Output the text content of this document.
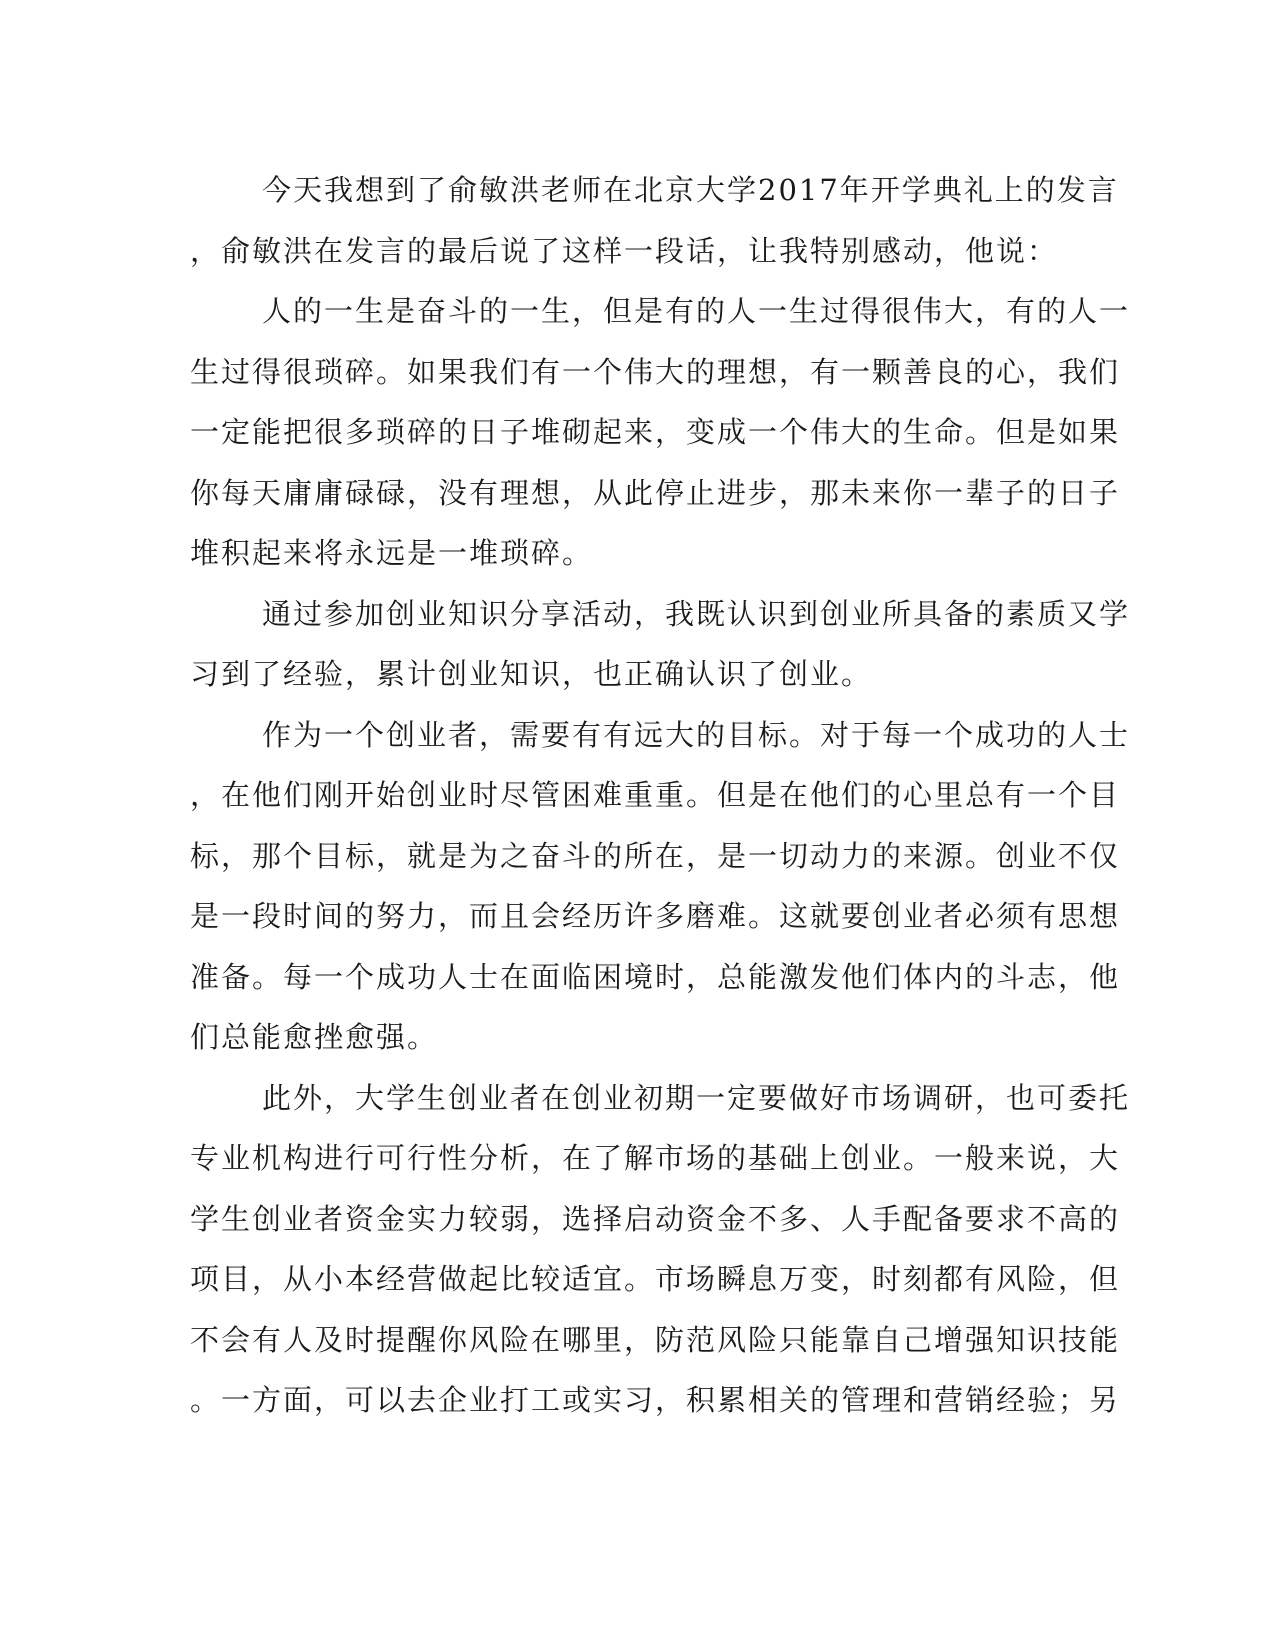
今天我想到了俞敏洪老师在北京大学2017年开学典礼上的发言
，俞敏洪在发言的最后说了这样一段话，让我特别感动，他说：
人的一生是奋斗的一生，但是有的人一生过得很伟大，有的人一
生过得很琐碎。如果我们有一个伟大的理想，有一颗善良的心，我们
一定能把很多琐碎的日子堆砌起来，变成一个伟大的生命。但是如果
你每天庸庸碌碌，没有理想，从此停止进步，那未来你一辈子的日子
堆积起来将永远是一堆琐碎。
通过参加创业知识分享活动，我既认识到创业所具备的素质又学
习到了经验，累计创业知识，也正确认识了创业。
作为一个创业者，需要有有远大的目标。对于每一个成功的人士
，在他们刚开始创业时尽管困难重重。但是在他们的心里总有一个目
标，那个目标，就是为之奋斗的所在，是一切动力的来源。创业不仅
是一段时间的努力，而且会经历许多磨难。这就要创业者必须有思想
准备。每一个成功人士在面临困境时，总能激发他们体内的斗志，他
们总能愈挫愈强。
此外，大学生创业者在创业初期一定要做好市场调研，也可委托
专业机构进行可行性分析，在了解市场的基础上创业。一般来说，大
学生创业者资金实力较弱，选择启动资金不多、人手配备要求不高的
项目，从小本经营做起比较适宜。市场瞬息万变，时刻都有风险，但
不会有人及时提醒你风险在哪里，防范风险只能靠自己增强知识技能
。一方面，可以去企业打工或实习，积累相关的管理和营销经验；另
